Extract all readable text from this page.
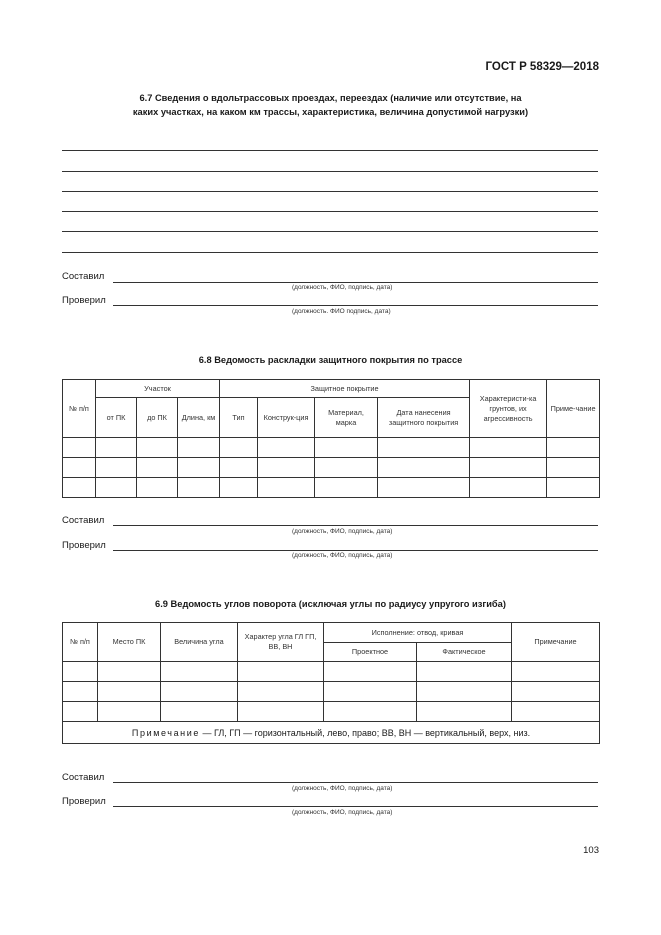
ГОСТ Р 58329—2018
6.7 Сведения о вдольтрассовых проездах, переездах (наличие или отсутствие, на
каких участках, на каком км трассы, характеристика, величина допустимой нагрузки)
Составил
(должность, ФИО, подпись, дата)
Проверил
(должность. ФИО подпись, дата)
6.8 Ведомость раскладки защитного покрытия по трассе
№ п/п	Участок			Защитное покрытие				Характеристи-ка грунтов, их агрессивность	Приме-чание
	от ПК	до ПК	Длина, км	Тип	Конструк-ция	Материал, марка	Дата нанесения защитного покрытия		

Составил
(должность, ФИО, подпись, дата)
Проверил
(должность, ФИО, подпись, дата)
6.9 Ведомость углов поворота (исключая углы по радиусу упругого изгиба)
№ п/п	Место ПК	Величина угла	Характер угла ГЛ ГП, ВВ, ВН	Исполнение: отвод, кривая		Примечание
				Проектное	Фактическое	

Примечание — ГЛ, ГП — горизонтальный, лево, право; ВВ, ВН — вертикальный, верх, низ.						
Составил
(должность, ФИО, подпись, дата)
Проверил
(должность, ФИО, подпись, дата)
103
